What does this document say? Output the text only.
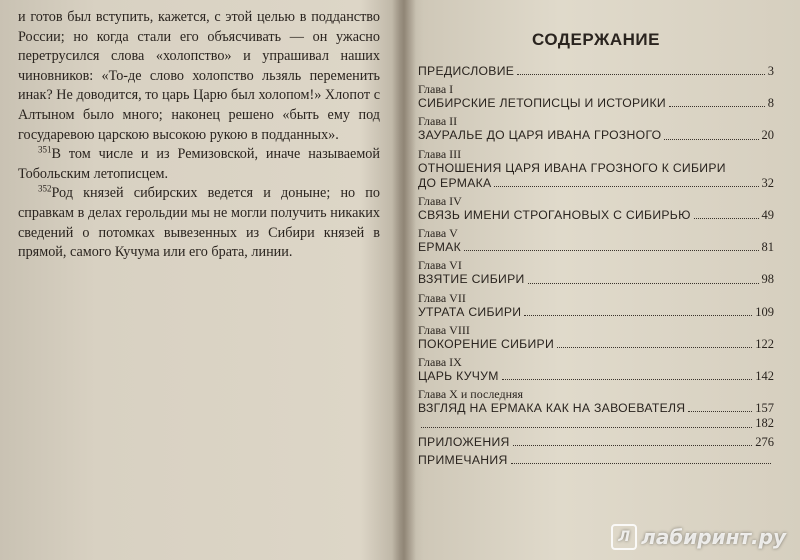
и готов был вступить, кажется, с этой целью в подданство России; но когда стали его объясчивать — он ужасно перетрусился слова «холопство» и упрашивал наших чиновников: «То-де слово холопство льзяль переменить инак? Не доводится, то царь Царю был холопом!» Хлопот с Алтыном было много; наконец решено «быть ему под государевою царскою высокою рукою в подданных».

$^{351}$В том числе и из Ремизовской, иначе называемой Тобольским летописцем.

$^{352}$Род князей сибирских ведется и доныне; но по справкам в делах герольдии мы не могли получить никаких сведений о потомках вывезенных из Сибири князей в прямой, самого Кучума или его брата, линии.

СОДЕРЖАНИЕ
ПРЕДИСЛОВИЕ	3
Глава I
СИБИРСКИЕ ЛЕТОПИСЦЫ И ИСТОРИКИ	8
Глава II
ЗАУРАЛЬЕ ДО ЦАРЯ ИВАНА ГРОЗНОГО	20
Глава III
ОТНОШЕНИЯ ЦАРЯ ИВАНА ГРОЗНОГО К СИБИРИ
ДО ЕРМАКА	32
Глава IV
СВЯЗЬ ИМЕНИ СТРОГАНОВЫХ С СИБИРЬЮ	49
Глава V
ЕРМАК	81
Глава VI
ВЗЯТИЕ СИБИРИ	98
Глава VII
УТРАТА СИБИРИ	109
Глава VIII
ПОКОРЕНИЕ СИБИРИ	122
Глава IX
ЦАРЬ КУЧУМ	142
Глава X и последняя
ВЗГЛЯД НА ЕРМАКА КАК НА ЗАВОЕВАТЕЛЯ	157
182
ПРИЛОЖЕНИЯ	276
ПРИМЕЧАНИЯ
Л лабиринт.ру
